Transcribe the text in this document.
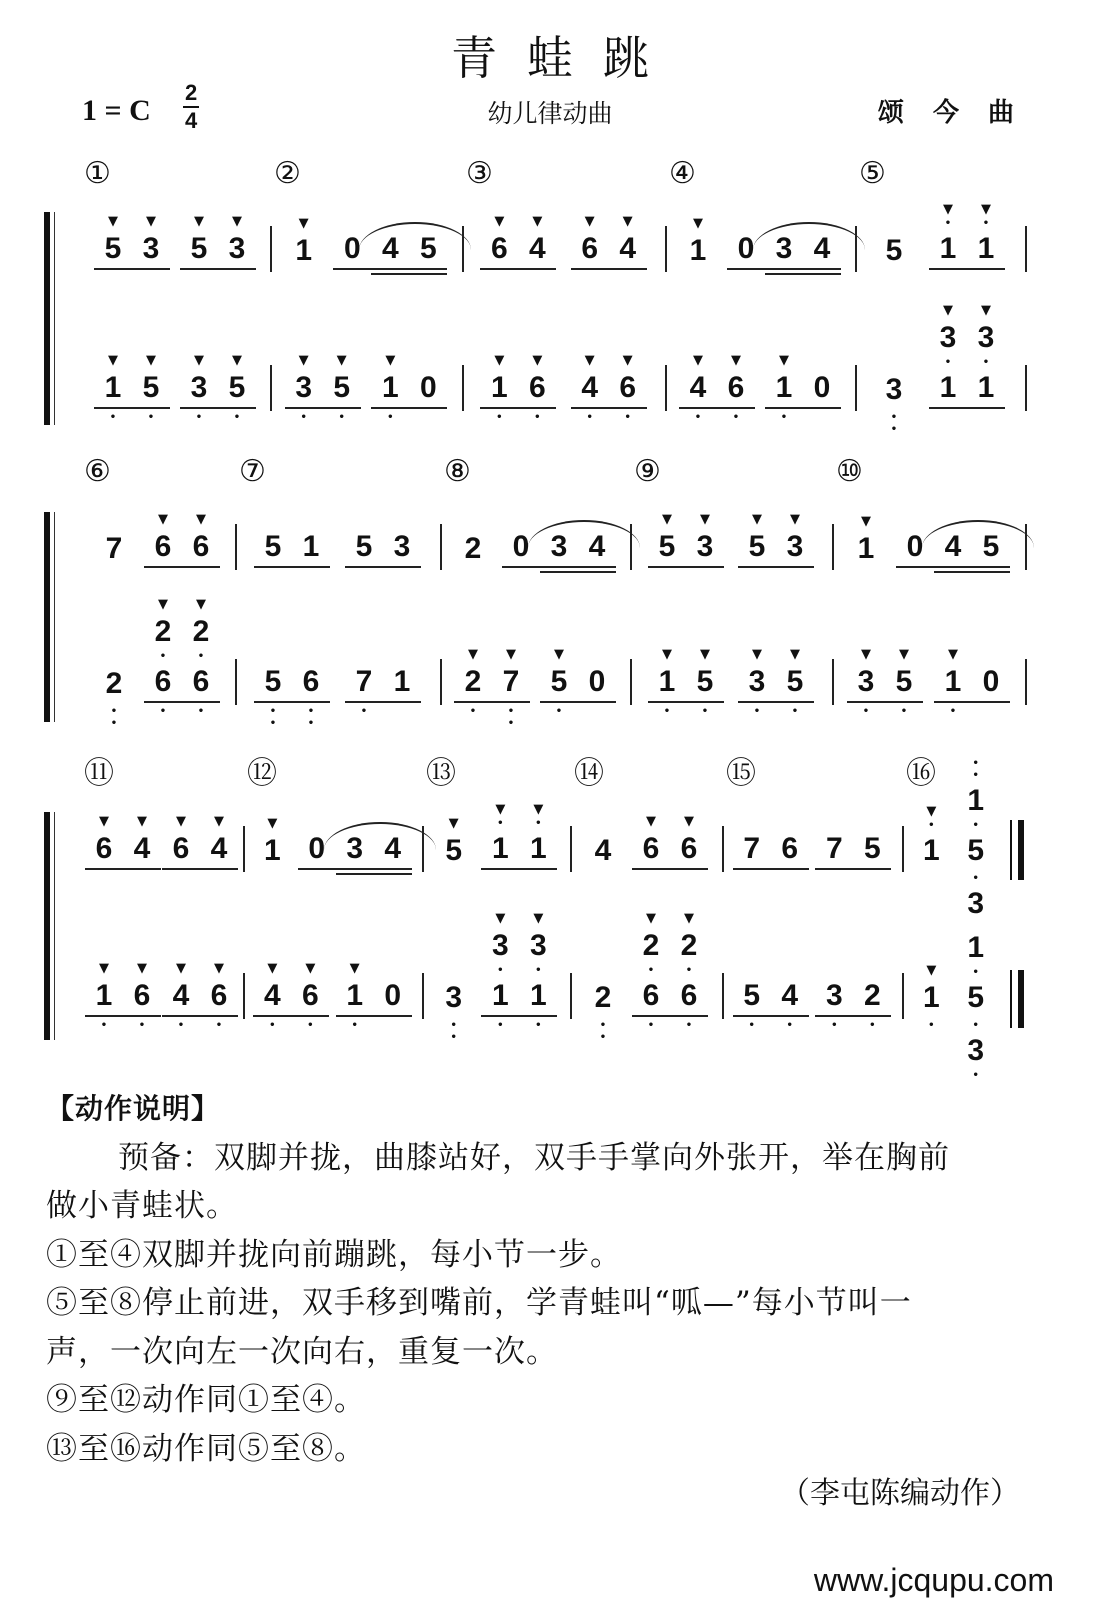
青蛙跳
1 = C $\frac{2}{4}$	幼儿律动曲	颂 今 曲
①
▼
5
▼
3
▼
5
▼
3
②
▼
1	0 4 5
③
▼
6
▼
4
▼
6
▼
4
④
▼
1	0 3 4
⑤
5
▼
•
1
▼
•
1
▼
1
•
▼
5
•
▼
3
•
▼
5
•
▼
3
•
▼
5
•
▼
1
•
0
▼
1
•
▼
6
•
▼
4
•
▼
6
•
▼
4
•
▼
6
•
▼
1
•
0	3
•
•
▼
3
•
1
▼
3
•
1
⑥
7
▼
6
▼
6
⑦
5 1	5 3
⑧
2	0 3 4
⑨
▼
5
▼
3
▼
5
▼
3
⑩
▼
1	0 4 5
2
•
•
▼
2
•
6
•
▼
2
•
6
•
5
•
•
6
•
•
7
•
1
▼
2
•
▼
7
•
•
▼
5
•
0
▼
1
•
▼
5
•
▼
3
•
▼
5
•
▼
3
•
▼
5
•
▼
1
•
0
⑪
▼
6
▼
4
▼
6
▼
4
⑫
▼
1 0 3 4
⑬
▼
5
▼
•
1
▼
•
1
⑭
4
▼
6
▼
6
⑮
7 6 7 5
⑯
▼
•
1
•
•
1
•
5
•
3
▼
1
•
▼
6
•
▼
4
•
▼
6
•
▼
4
•
▼
6
•
▼
1
•
0	3
•
•
▼
3
•
1
•
▼
3
•
1
•
2
•
•
▼
2
•
6
•
▼
2
•
6
•
5
•
4
•
3
•
2
•
▼
1
•
1
•
5
•
3
•
【动作说明】
预备：双脚并拢，曲膝站好，双手手掌向外张开，举在胸前
做小青蛙状。
①至④双脚并拢向前蹦跳，每小节一步。
⑤至⑧停止前进，双手移到嘴前，学青蛙叫“呱—”每小节叫一
声，一次向左一次向右，重复一次。
⑨至⑫动作同①至④。
⑬至⑯动作同⑤至⑧。
（李屯陈编动作）
www.jcqupu.com
